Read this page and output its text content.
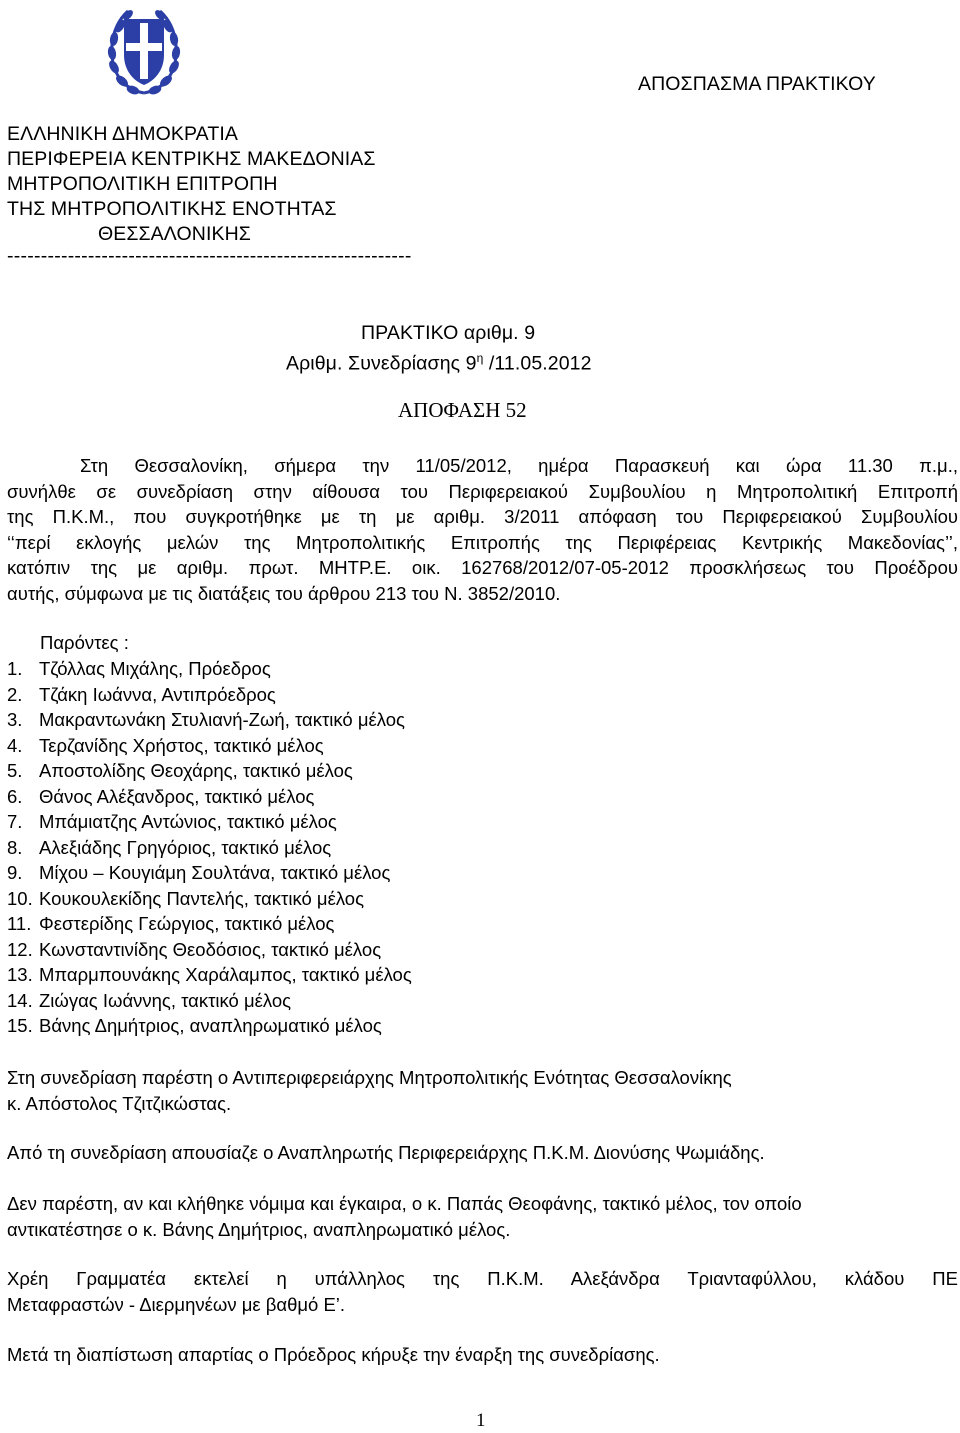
ΑΠΟΣΠΑΣΜΑ ΠΡΑΚΤΙΚΟΥ
ΕΛΛΗΝΙΚΗ ΔΗΜΟΚΡΑΤΙΑ
ΠΕΡΙΦΕΡΕΙΑ ΚΕΝΤΡΙΚΗΣ ΜΑΚΕΔΟΝΙΑΣ
ΜΗΤΡΟΠΟΛΙΤΙΚΗ ΕΠΙΤΡΟΠΗ
ΤΗΣ ΜΗΤΡΟΠΟΛΙΤΙΚΗΣ ΕΝΟΤΗΤΑΣ
ΘΕΣΣΑΛΟΝΙΚΗΣ
------------------------------------------------------------
ΠΡΑΚΤΙΚΟ αριθμ. 9
Αριθμ. Συνεδρίασης $9^\eta$ /11.05.2012
ΑΠΟΦΑΣΗ 52
Στη Θεσσαλονίκη, σήμερα την 11/05/2012, ημέρα Παρασκευή και ώρα 11.30 π.μ.,
συνήλθε σε συνεδρίαση στην αίθουσα του Περιφερειακού Συμβουλίου η Μητροπολιτική Επιτροπή
της Π.Κ.Μ., που συγκροτήθηκε με τη με αριθμ. 3/2011 απόφαση του Περιφερειακού Συμβουλίου
‘‘περί εκλογής μελών της Μητροπολιτικής Επιτροπής της Περιφέρειας Κεντρικής Μακεδονίας’’,
κατόπιν της με αριθμ. πρωτ. ΜΗΤΡ.Ε. οικ. 162768/2012/07-05-2012 προσκλήσεως του Προέδρου
αυτής, σύμφωνα με τις διατάξεις του άρθρου 213 του Ν. 3852/2010.
Παρόντες :
1. Τζόλλας Μιχάλης, Πρόεδρος
2. Τζάκη Ιωάννα, Αντιπρόεδρος
3. Μακραντωνάκη Στυλιανή-Ζωή, τακτικό μέλος
4. Τερζανίδης Χρήστος, τακτικό μέλος
5. Αποστολίδης Θεοχάρης, τακτικό μέλος
6. Θάνος Αλέξανδρος, τακτικό μέλος
7. Μπάμιατζης Αντώνιος, τακτικό μέλος
8. Αλεξιάδης Γρηγόριος, τακτικό μέλος
9. Μίχου – Κουγιάμη Σουλτάνα, τακτικό μέλος
10. Κουκουλεκίδης Παντελής, τακτικό μέλος
11. Φεστερίδης Γεώργιος, τακτικό μέλος
12. Κωνσταντινίδης Θεοδόσιος, τακτικό μέλος
13. Μπαρμπουνάκης Χαράλαμπος, τακτικό μέλος
14. Ζιώγας Ιωάννης, τακτικό μέλος
15. Βάνης Δημήτριος, αναπληρωματικό μέλος
Στη συνεδρίαση παρέστη ο Αντιπεριφερειάρχης Μητροπολιτικής Ενότητας Θεσσαλονίκης
κ. Απόστολος Τζιτζικώστας.
Από τη συνεδρίαση απουσίαζε ο Αναπληρωτής Περιφερειάρχης Π.Κ.Μ. Διονύσης Ψωμιάδης.
Δεν παρέστη, αν και κλήθηκε νόμιμα και έγκαιρα, ο κ. Παπάς Θεοφάνης, τακτικό μέλος, τον οποίο
αντικατέστησε ο κ. Βάνης Δημήτριος, αναπληρωματικό μέλος.
Χρέη Γραμματέα εκτελεί η υπάλληλος της Π.Κ.Μ. Αλεξάνδρα Τριανταφύλλου, κλάδου ΠΕ
Μεταφραστών - Διερμηνέων με βαθμό Ε’.
Μετά τη διαπίστωση απαρτίας ο Πρόεδρος κήρυξε την έναρξη της συνεδρίασης.
1
